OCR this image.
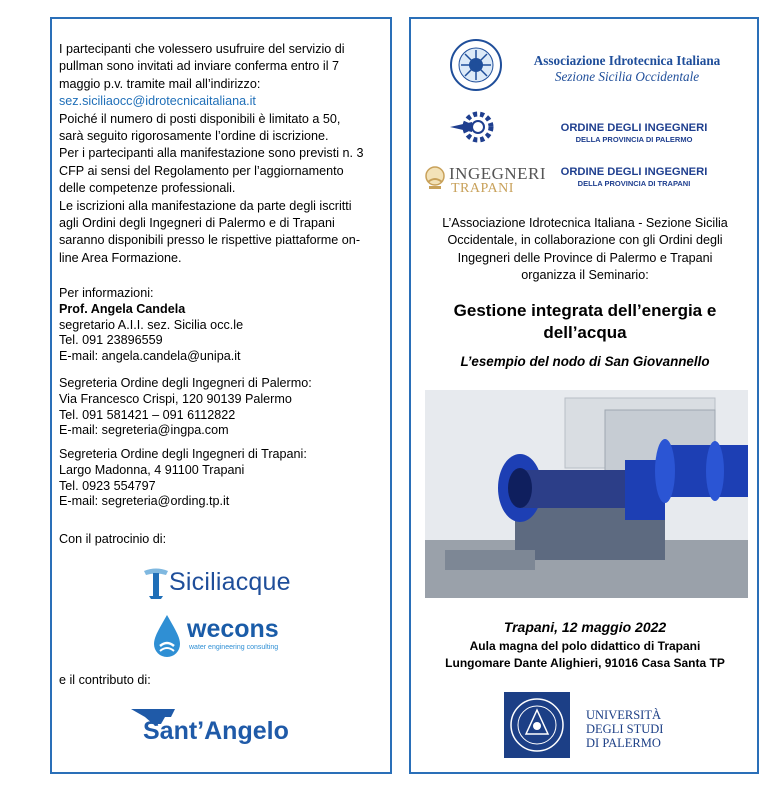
I partecipanti che volessero usufruire del servizio di
pullman sono invitati ad inviare conferma entro il 7
maggio p.v. tramite mail all’indirizzo:
sez.siciliaocc@idrotecnicaitaliana.it
Poiché il numero di posti disponibili è limitato a 50,
sarà seguito rigorosamente l’ordine di iscrizione.
Per i partecipanti alla manifestazione sono previsti n. 3
CFP ai sensi del Regolamento per l’aggiornamento
delle competenze professionali.
Le iscrizioni alla manifestazione da parte degli iscritti
agli Ordini degli Ingegneri di Palermo e di Trapani
saranno disponibili presso le rispettive piattaforme on-
line Area Formazione.
Per informazioni:
Prof. Angela Candela
segretario A.I.I. sez. Sicilia occ.le
Tel. 091 23896559
E-mail: angela.candela@unipa.it
Segreteria Ordine degli Ingegneri di Palermo:
Via Francesco Crispi, 120 90139 Palermo
Tel. 091 581421 – 091 6112822
E-mail: segreteria@ingpa.com
Segreteria Ordine degli Ingegneri di Trapani:
Largo Madonna, 4 91100 Trapani
Tel. 0923 554797
E-mail: segreteria@ording.tp.it
Con il patrocinio di:
Siciliacque
wecons
water engineering consulting
e il contributo di:
Sant’Angelo
Associazione Idrotecnica Italiana
Sezione Sicilia Occidentale
ORDINE DEGLI INGEGNERI
DELLA PROVINCIA DI PALERMO
INGEGNERI
TRAPANI
ORDINE DEGLI INGEGNERI
DELLA PROVINCIA DI TRAPANI
L’Associazione Idrotecnica Italiana - Sezione Sicilia
Occidentale, in collaborazione con gli Ordini degli
Ingegneri delle Province di Palermo e Trapani
organizza il Seminario:
Gestione integrata dell’energia e
dell’acqua
L’esempio del nodo di San Giovannello
Trapani, 12 maggio 2022
Aula magna del polo didattico di Trapani
Lungomare Dante Alighieri, 91016 Casa Santa TP
UNIVERSITÀ
DEGLI STUDI
DI PALERMO
